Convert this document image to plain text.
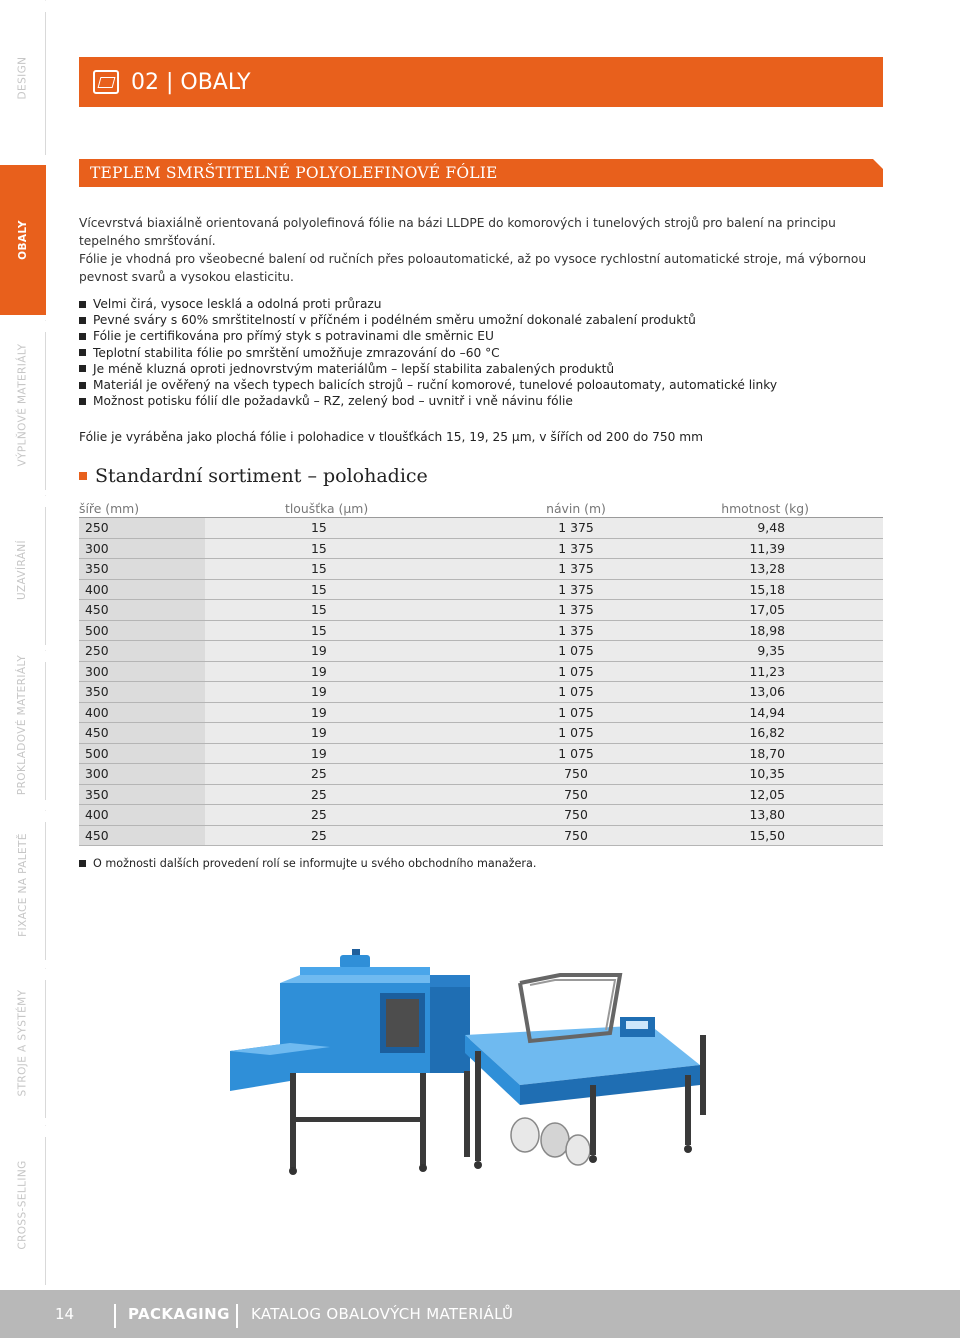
DESIGN
OBALY
VÝPLŇOVÉ MATERIÁLY
UZAVÍRÁNÍ
PROKLADOVÉ MATERIÁLY
FIXACE NA PALETĚ
STROJE A SYSTÉMY
CROSS-SELLING
02 | OBALY
TEPLEM SMRŠTITELNÉ POLYOLEFINOVÉ FÓLIE

Vícevrstvá biaxiálně orientovaná polyolefinová fólie na bázi LLDPE do komorových i tunelových strojů pro balení na principu tepelného smršťování.

Fólie je vhodná pro všeobecné balení od ručních přes poloautomatické, až po vysoce rychlostní automatické stroje, má výbornou pevnost svarů a vysokou elasticitu.

Velmi čirá, vysoce lesklá a odolná proti průrazu
Pevné sváry s 60% smrštitelností v příčném i podélném směru umožní dokonalé zabalení produktů
Fólie je certifikována pro přímý styk s potravinami dle směrnic EU
Teplotní stabilita fólie po smrštění umožňuje zmrazování do –60 °C
Je méně kluzná oproti jednovrstvým materiálům – lepší stabilita zabalených produktů
Materiál je ověřený na všech typech balicích strojů – ruční komorové, tunelové poloautomaty, automatické linky
Možnost potisku fólií dle požadavků – RZ, zelený bod – uvnitř i vně návinu fólie
Fólie je vyráběna jako plochá fólie i polohadice v tloušťkách 15, 19, 25 μm, v šířích od 200 do 750 mm
Standardní sortiment – polohadice
šíře (mm)	tloušťka (μm)	návin (m)	hmotnost (kg)
250	15	1 375	9,48
300	15	1 375	11,39
350	15	1 375	13,28
400	15	1 375	15,18
450	15	1 375	17,05
500	15	1 375	18,98
250	19	1 075	9,35
300	19	1 075	11,23
350	19	1 075	13,06
400	19	1 075	14,94
450	19	1 075	16,82
500	19	1 075	18,70
300	25	750	10,35
350	25	750	12,05
400	25	750	13,80
450	25	750	15,50
O možnosti dalších provedení rolí se informujte u svého obchodního manažera.
14	PACKAGING KATALOG OBALOVÝCH MATERIÁLŮ
